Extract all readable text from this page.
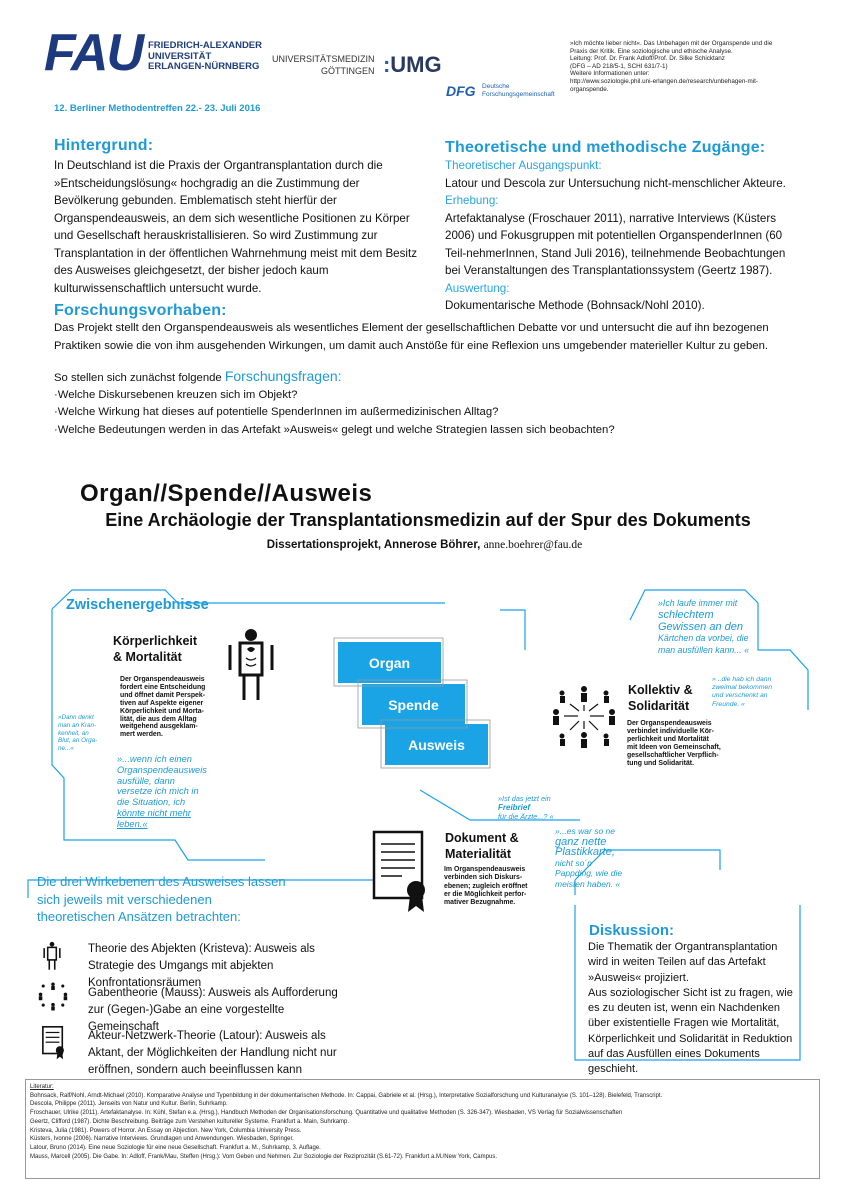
FAU FRIEDRICH-ALEXANDER
UNIVERSITÄT
ERLANGEN-NÜRNBERG
UNIVERSITÄTSMEDIZIN
GÖTTINGEN :UMG
DFG Deutsche
Forschungsgemeinschaft
»Ich möchte lieber nicht«. Das Unbehagen mit der Organspende und die
Praxis der Kritik. Eine soziologische und ethische Analyse.
Leitung: Prof. Dr. Frank Adloff/Prof. Dr. Silke Schicktanz
(DFG – AD 218/5-1, SCHI 631/7-1)
Weitere Informationen unter:
http://www.soziologie.phil.uni-erlangen.de/research/unbehagen-mit-
organspende.
12. Berliner Methodentreffen 22.- 23. Juli 2016
Hintergrund:

In Deutschland ist die Praxis der Organtransplantation durch die »Entscheidungslösung« hochgradig an die Zustimmung der Bevölkerung gebunden. Emblematisch steht hierfür der Organspendeausweis, an dem sich wesentliche Positionen zu Körper und Gesellschaft herauskristallisieren. So wird Zustimmung zur Transplantation in der öffentlichen Wahrnehmung meist mit dem Besitz des Ausweises gleichgesetzt, der bisher jedoch kaum kulturwissenschaftlich untersucht wurde.

Theoretische und methodische Zugänge:
Theoretischer Ausgangspunkt:

Latour und Descola zur Untersuchung nicht-menschlicher Akteure.

Erhebung:

Artefaktanalyse (Froschauer 2011), narrative Interviews (Küsters 2006) und Fokusgruppen mit potentiellen OrganspenderInnen (60 Teil-nehmerInnen, Stand Juli 2016), teilnehmende Beobachtungen bei Veranstaltungen des Transplantationssystem (Geertz 1987).

Auswertung:

Dokumentarische Methode (Bohnsack/Nohl 2010).

Forschungsvorhaben:

Das Projekt stellt den Organspendeausweis als wesentliches Element der gesellschaftlichen Debatte vor und untersucht die auf ihn bezogenen Praktiken sowie die von ihm ausgehenden Wirkungen, um damit auch Anstöße für eine Reflexion uns umgebender materieller Kultur zu geben.

So stellen sich zunächst folgende Forschungsfragen:
·Welche Diskursebenen kreuzen sich im Objekt?
·Welche Wirkung hat dieses auf potentielle SpenderInnen im außermedizinischen Alltag?
·Welche Bedeutungen werden in das Artefakt »Ausweis« gelegt und welche Strategien lassen sich beobachten?
Organ//Spende//Ausweis
Eine Archäologie der Transplantationsmedizin auf der Spur des Dokuments
Dissertationsprojekt, Annerose Böhrer, anne.boehrer@fau.de
Zwischenergebnisse
Organ
Spende
Ausweis
Körperlichkeit
& Mortalität
Der Organspendeausweis
fordert eine Entscheidung
und öffnet damit Perspek-
tiven auf Aspekte eigener
Körperlichkeit und Morta-
lität, die aus dem Alltag
weitgehend ausgeklam-
mert werden.
»Dann denkt
man an Kran-
kenheit, an
Blut, an Orga-
ne...«
»...wenn ich einen
Organspendeausweis
ausfülle, dann
versetze ich mich in
die Situation, ich
könnte nicht mehr
leben.«
»Ich laufe immer mit
schlechtem
Gewissen an den
Kärtchen da vorbei, die
man ausfüllen kann... «
» ..die hab ich dann
zweimal bekommen
und verschenkt an
Freunde. «
Kollektiv &
Solidarität
Der Organspendeausweis
verbindet individuelle Kör-
perlichkeit und Mortalität
mit Ideen von Gemeinschaft,
gesellschaftlicher Verpflich-
tung und Solidarität.
»Ist das jetzt ein
Freibrief
für die Ärzte...? «
Dokument &
Materialität
Im Organspendeausweis
verbinden sich Diskurs-
ebenen; zugleich eröffnet
er die Möglichkeit perfor-
mativer Bezugnahme.
»...es war so ne
ganz nette
Plastikkarte,
nicht so´n
Pappding, wie die
meisten haben. «
Die drei Wirkebenen des Ausweises lassen
sich jeweils mit verschiedenen
theoretischen Ansätzen betrachten:
Theorie des Abjekten (Kristeva): Ausweis als
Strategie des Umgangs mit abjekten
Konfrontationsräumen
Gabentheorie (Mauss): Ausweis als Aufforderung
zur (Gegen-)Gabe an eine vorgestellte
Gemeinschaft
Akteur-Netzwerk-Theorie (Latour): Ausweis als
Aktant, der Möglichkeiten der Handlung nicht nur
eröffnen, sondern auch beeinflussen kann
Diskussion:
Die Thematik der Organtransplantation
wird in weiten Teilen auf das Artefakt
»Ausweis« projiziert.
Aus soziologischer Sicht ist zu fragen, wie
es zu deuten ist, wenn ein Nachdenken
über existentielle Fragen wie Mortalität,
Körperlichkeit und Solidarität in Reduktion
auf das Ausfüllen eines Dokuments
geschieht.
Literatur:
Bohnsack, Ralf/Nohl, Arndt-Michael (2010). Komparative Analyse und Typenbildung in der dokumentarischen Methode. In: Cappai, Gabriele et al. (Hrsg.), Interpretative Sozialforschung und Kulturanalyse (S. 101–128). Bielefeld, Transcript.
Descola, Philippe (2011). Jenseits von Natur und Kultur. Berlin, Suhrkamp.
Froschauer, Ulrike (2011). Artefaktanalyse. In: Kühl, Stefan e.a. (Hrsg.), Handbuch Methoden der Organisationsforschung. Quantitative und qualitative Methoden (S. 326-347). Wiesbaden, VS Verlag für Sozialwissenschaften
Geertz, Clifford (1987). Dichte Beschreibung. Beiträge zum Verstehen kultureller Systeme. Frankfurt a. Main, Suhrkamp.
Kristeva, Julia (1981). Powers of Horror. An Essay on Abjection. New York, Columbia University Press.
Küsters, Ivonne (2006). Narrative Interviews. Grundlagen und Anwendungen. Wiesbaden, Springer.
Latour, Bruno (2014). Eine neue Soziologie für eine neue Gesellschaft. Frankfurt a. M., Suhrkamp, 3. Auflage.
Mauss, Marcell (2005). Die Gabe. In: Adloff, Frank/Mau, Steffen (Hrsg.): Vom Geben und Nehmen. Zur Soziologie der Reziprozität (S.61-72). Frankfurt a.M./New York, Campus.
